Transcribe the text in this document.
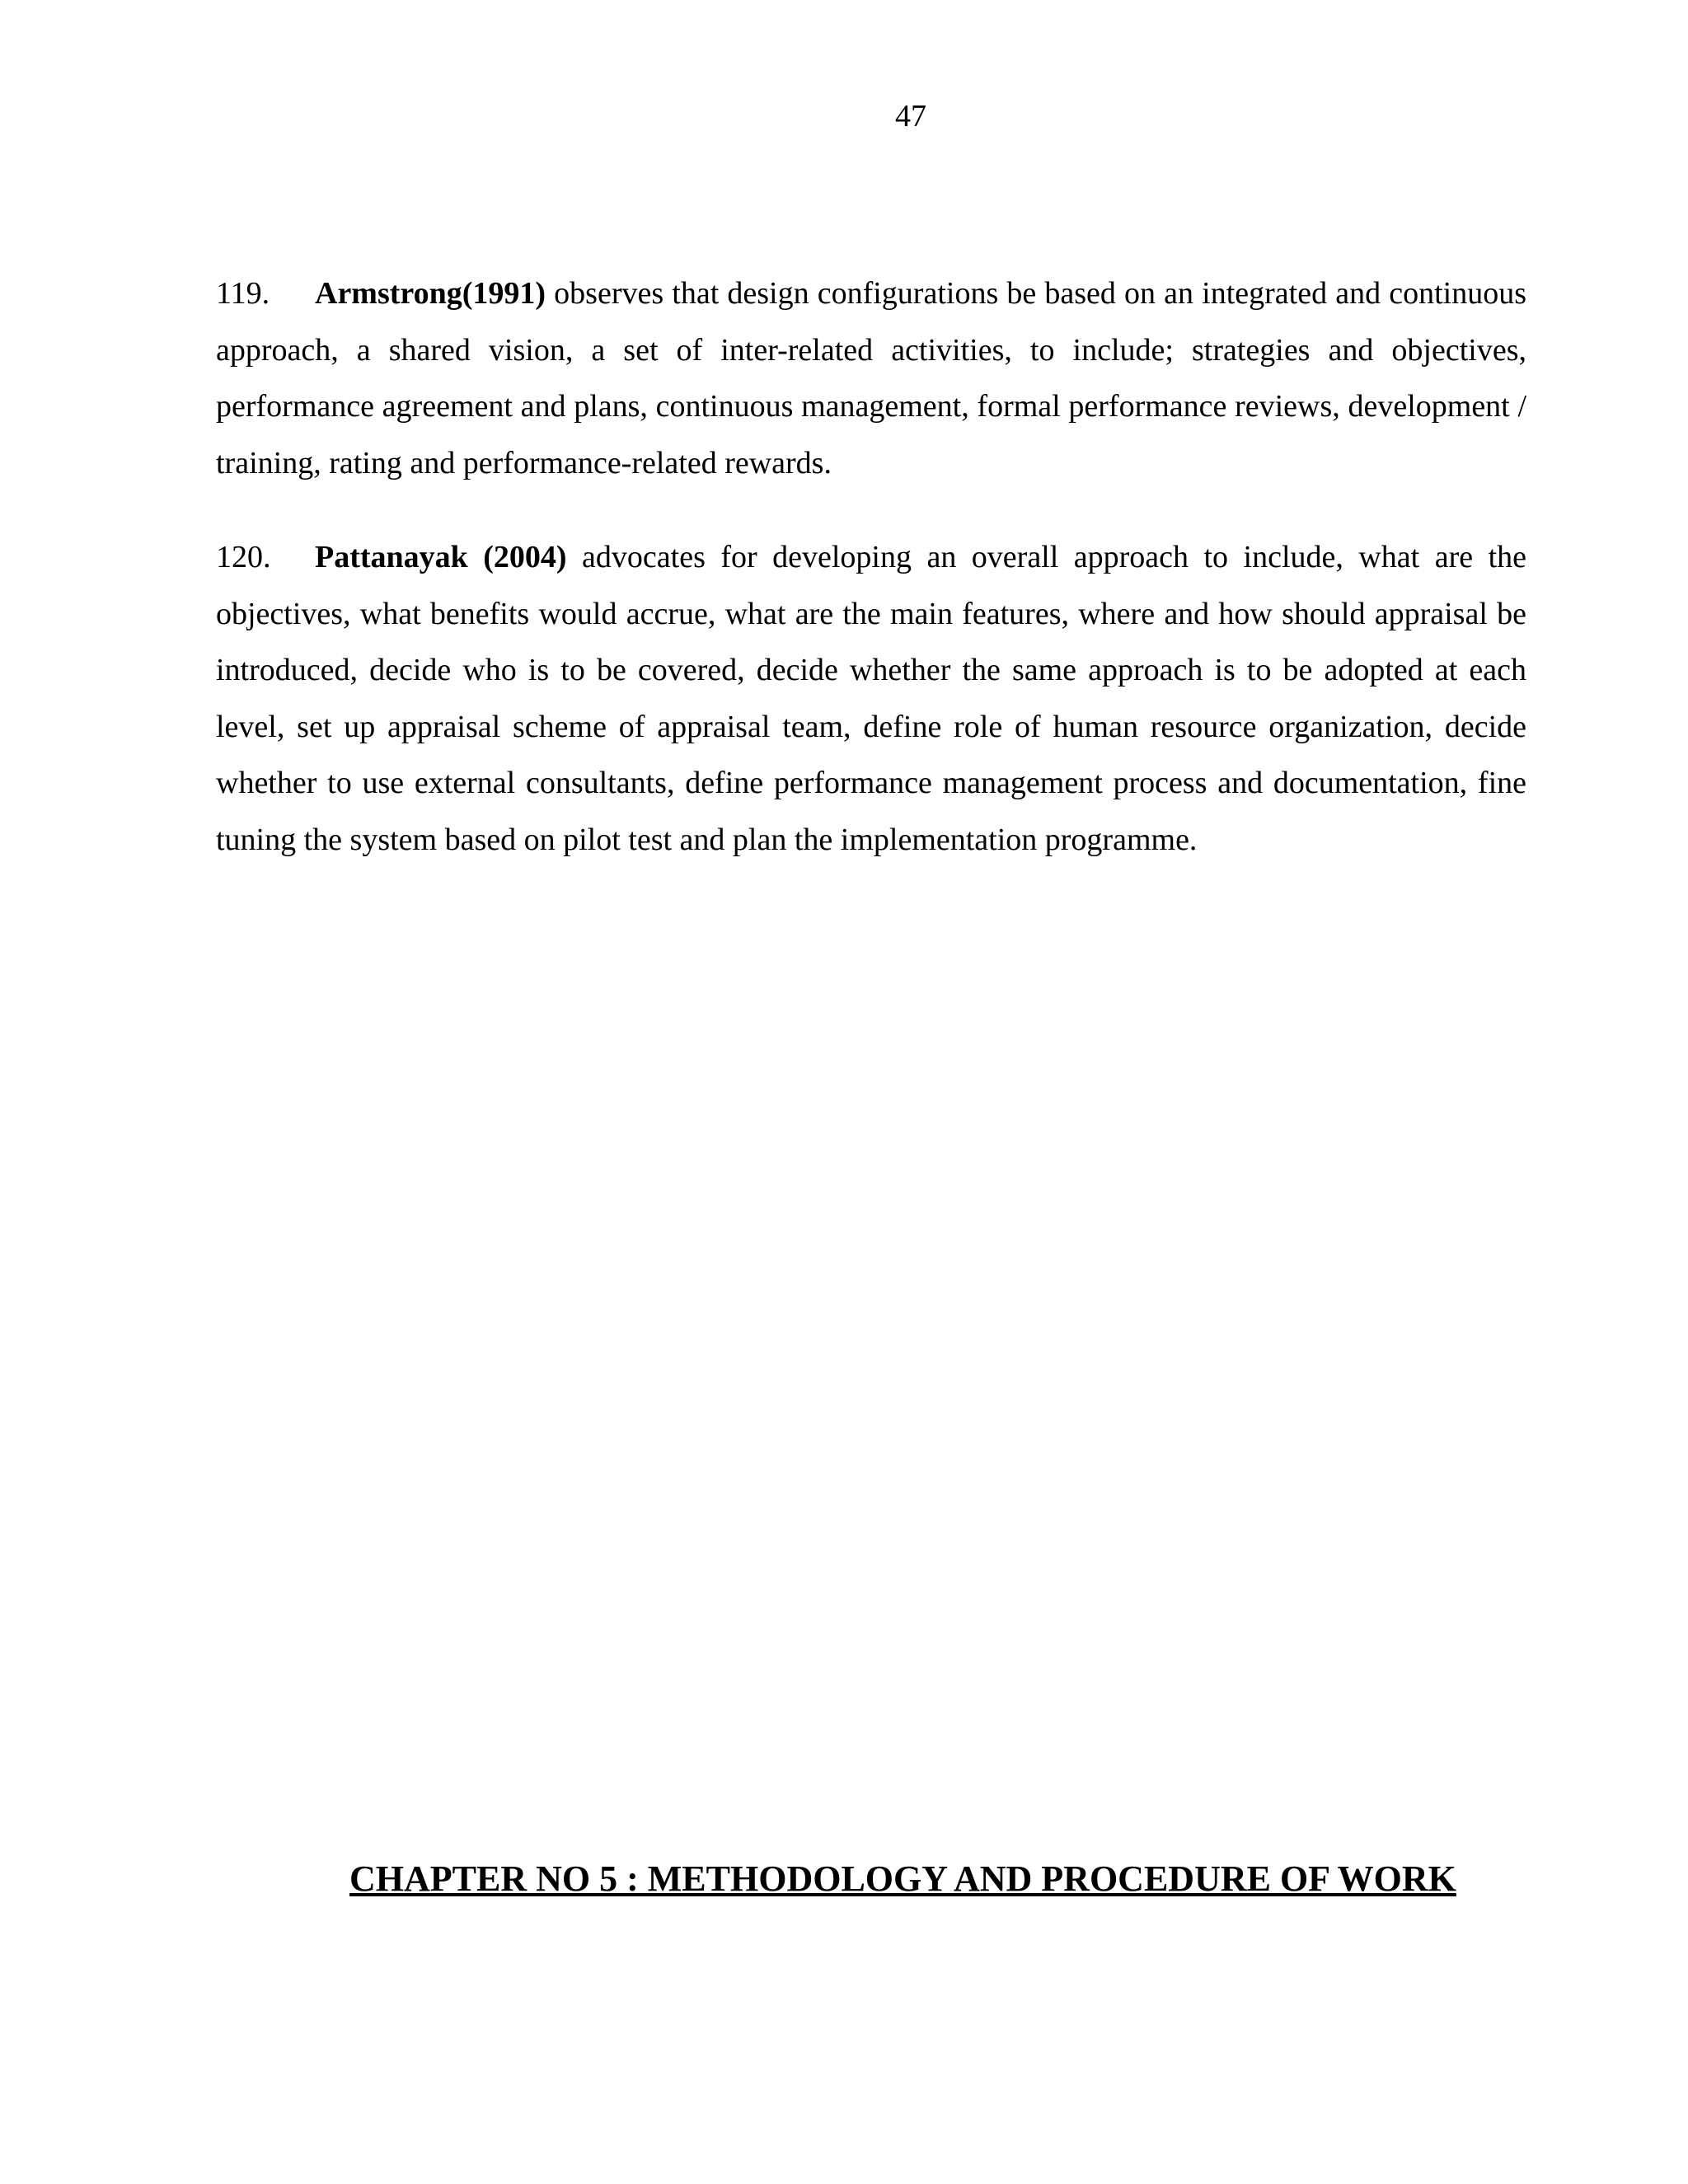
47

119. Armstrong(1991) observes that design configurations be based on an integrated and continuous approach, a shared vision, a set of inter-related activities, to include; strategies and objectives, performance agreement and plans, continuous management, formal performance reviews, development / training, rating and performance-related rewards.

120. Pattanayak (2004) advocates for developing an overall approach to include, what are the objectives, what benefits would accrue, what are the main features, where and how should appraisal be introduced, decide who is to be covered, decide whether the same approach is to be adopted at each level, set up appraisal scheme of appraisal team, define role of human resource organization, decide whether to use external consultants, define performance management process and documentation, fine tuning the system based on pilot test and plan the implementation programme.

CHAPTER NO 5 : METHODOLOGY AND PROCEDURE OF WORK
